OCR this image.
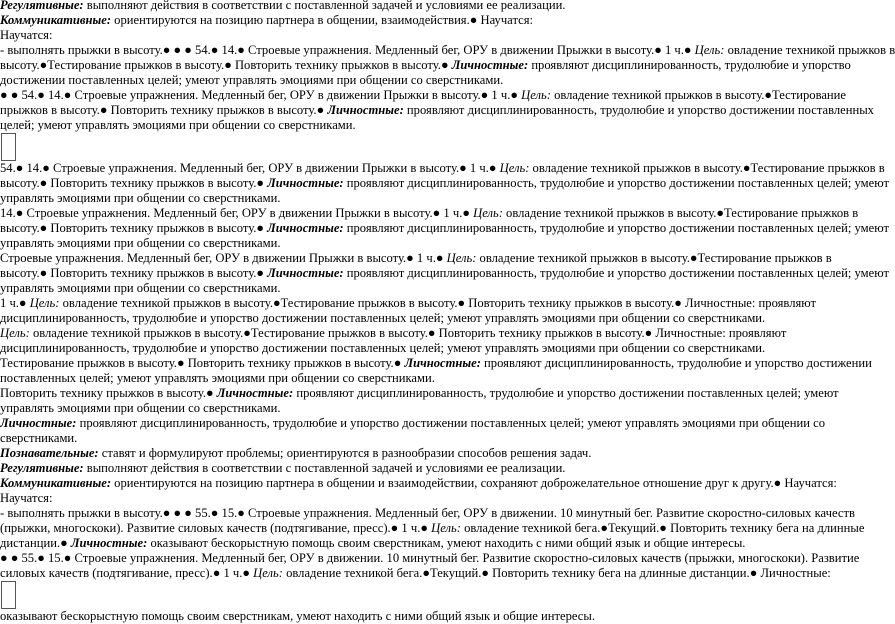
Регулятивные: выполняют действия в соответствии с поставленной задачей и условиями ее реализации.
Коммуникативные: ориентируются на позицию партнера в общении, взаимодействия.● Научатся:
Научатся:
- выполнять прыжки в высоту.● ● ● 54.● 14.● Строевые упражнения. Медленный бег, ОРУ в движении Прыжки в высоту.● 1 ч.● Цель: овладение техникой прыжков в
высоту.●Тестирование прыжков в высоту.● Повторить технику прыжков в высоту.● Личностные: проявляют дисциплинированность, трудолюбие и упорство
достижении поставленных целей; умеют управлять эмоциями при общении со сверстниками.
● ● 54.● 14.● Строевые упражнения. Медленный бег, ОРУ в движении Прыжки в высоту.● 1 ч.● Цель: овладение техникой прыжков в высоту.●Тестирование
прыжков в высоту.● Повторить технику прыжков в высоту.● Личностные: проявляют дисциплинированность, трудолюбие и упорство достижении поставленных
целей; умеют управлять эмоциями при общении со сверстниками.
54.● 14.● Строевые упражнения. Медленный бег, ОРУ в движении Прыжки в высоту.● 1 ч.● Цель: овладение техникой прыжков в высоту.●Тестирование прыжков в
высоту.● Повторить технику прыжков в высоту.● Личностные: проявляют дисциплинированность, трудолюбие и упорство достижении поставленных целей; умеют
управлять эмоциями при общении со сверстниками.
14.● Строевые упражнения. Медленный бег, ОРУ в движении Прыжки в высоту.● 1 ч.● Цель: овладение техникой прыжков в высоту.●Тестирование прыжков в
высоту.● Повторить технику прыжков в высоту.● Личностные: проявляют дисциплинированность, трудолюбие и упорство достижении поставленных целей; умеют
управлять эмоциями при общении со сверстниками.
Строевые упражнения. Медленный бег, ОРУ в движении Прыжки в высоту.● 1 ч.● Цель: овладение техникой прыжков в высоту.●Тестирование прыжков в
высоту.● Повторить технику прыжков в высоту.● Личностные: проявляют дисциплинированность, трудолюбие и упорство достижении поставленных целей; умеют
управлять эмоциями при общении со сверстниками.
1 ч.● Цель: овладение техникой прыжков в высоту.●Тестирование прыжков в высоту.● Повторить технику прыжков в высоту.● Личностные: проявляют
дисциплинированность, трудолюбие и упорство достижении поставленных целей; умеют управлять эмоциями при общении со сверстниками.
Цель: овладение техникой прыжков в высоту.●Тестирование прыжков в высоту.● Повторить технику прыжков в высоту.● Личностные: проявляют
дисциплинированность, трудолюбие и упорство достижении поставленных целей; умеют управлять эмоциями при общении со сверстниками.
Тестирование прыжков в высоту.● Повторить технику прыжков в высоту.● Личностные: проявляют дисциплинированность, трудолюбие и упорство достижении
поставленных целей; умеют управлять эмоциями при общении со сверстниками.
Повторить технику прыжков в высоту.● Личностные: проявляют дисциплинированность, трудолюбие и упорство достижении поставленных целей; умеют
управлять эмоциями при общении со сверстниками.
Личностные: проявляют дисциплинированность, трудолюбие и упорство достижении поставленных целей; умеют управлять эмоциями при общении со
сверстниками.
Познавательные: ставят и формулируют проблемы; ориентируются в разнообразии способов решения задач.
Регулятивные: выполняют действия в соответствии с поставленной задачей и условиями ее реализации.
Коммуникативные: ориентируются на позицию партнера в общении и взаимодействии, сохраняют доброжелательное отношение друг к другу.● Научатся:
Научатся:
- выполнять прыжки в высоту.● ● ● 55.● 15.● Строевые упражнения. Медленный бег, ОРУ в движении. 10 минутный бег. Развитие скоростно-силовых качеств
(прыжки, многоскоки). Развитие силовых качеств (подтягивание, пресс).● 1 ч.● Цель: овладение техникой бега.●Текущий.● Повторить технику бега на длинные
дистанции.● Личностные: оказывают бескорыстную помощь своим сверстникам, умеют находить с ними общий язык и общие интересы.
● ● 55.● 15.● Строевые упражнения. Медленный бег, ОРУ в движении. 10 минутный бег. Развитие скоростно-силовых качеств (прыжки, многоскоки). Развитие
силовых качеств (подтягивание, пресс).● 1 ч.● Цель: овладение техникой бега.●Текущий.● Повторить технику бега на длинные дистанции.● Личностные:
оказывают бескорыстную помощь своим сверстникам, умеют находить с ними общий язык и общие интересы.
